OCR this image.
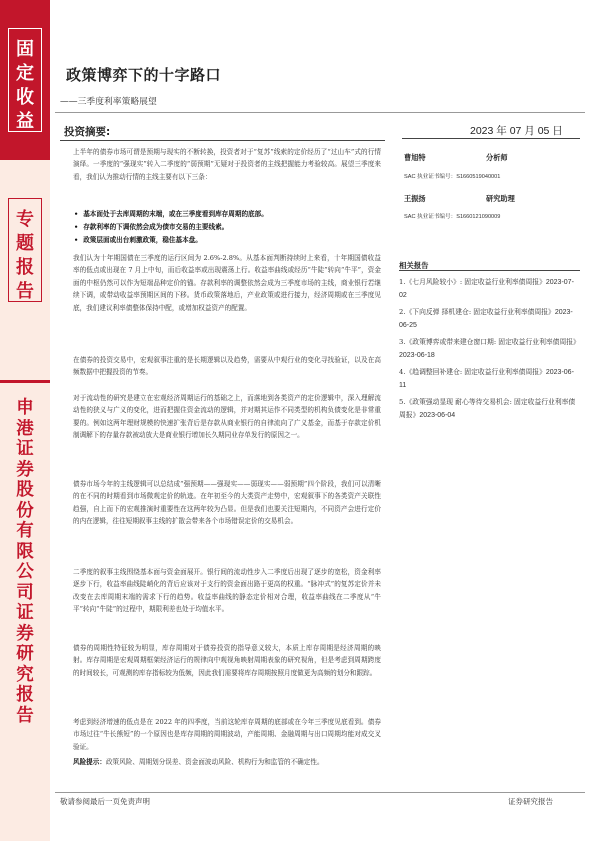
固
定
收
益
专
题
报
告
申
港
证
券
股
份
有
限
公
司
证
券
研
究
报
告
政策博弈下的十字路口
——三季度利率策略展望
投资摘要:	2023 年 07 月 05 日
上半年的债券市场可谓是预期与现实的不断转换，投资者对于“复苏”线索的定价经历了“过山车”式的行情演绎。一季度的“强现实”转入二季度的“弱预期”无疑对于投资者的主线把握能力考验较高。展望三季度来看，我们认为推动行情的主线主要有以下三条：
• 基本面处于去库周期的末端，或在三季度看到库存周期的底部。
• 存款利率的下调依然会成为债市交易的主要线索。
• 政策层面或出台刺激政策，稳住基本盘。
我们认为十年期国债在三季度的运行区间为 2.6%-2.8%。从基本面判断持续时上来看，十年期国债收益率的低点或出现在 7 月上中旬，而后收益率或出现震荡上行。收益率曲线或经历“牛陡”转向“牛平”，资金面的中枢仍然可以作为短端品种定价的锚。存款利率的调整依然会成为三季度市场的主线，商业银行若继续下调，或带动收益率预期区间的下移。货币政策落地后，产业政策或进行接力，经济周期或在三季度见底，我们建议利率债整体保持中配，或增加权益资产的配置。
在债券的投资交易中，宏观叙事注重的是长期逻辑以及趋势，需要从中观行业的变化寻找验证，以及在高频数据中把握投资的节奏。
对于流动性的研究是建立在宏观经济周期运行的基础之上，而落地到各类资产的定价逻辑中，深入理解流动性的狭义与广义的变化，进而把握住资金流动的逻辑，并对期其运作不同类型的机构负债变化是非常重要的。例如这两年理财规模的快速扩张背后是存款从商业银行的自律流向了广义基金，而基于存款定价机制调解下的存量存款被动放大是商业银行增加长久期同业存单发行的原因之一。
债券市场今年的主线逻辑可以总结成“强预期——强现实——弱现实——弱预期”四个阶段，我们可以清晰的在不同的时期看到市场微观定价的轨迹。在年初至今的大类资产走势中，宏观叙事下的各类资产关联性趋强，自上而下的宏观推演时重要性在这两年较为凸显。但是我们也要关注短期内，不同资产会进行定价的内在逻辑，往往短期叙事主线的扩散会带来各个市场错误定价的交易机会。
二季度的叙事主线围绕基本面与资金面展开。银行间的流动性步入二季度后出现了逐步的宽松，资金利率逐步下行，收益率曲线陡峭化的背后应该对于支行的资金面出路于更高的权重。“脉冲式”的复苏定价并未改变在去库周期末端的需求下行的趋势。收益率曲线的静态定价相对合理，收益率曲线在二季度从“牛平”转向“牛陡”的过程中，期限利差也处于均值水平。
债券的周期性特征较为明显，库存周期对于债券投资的指导意义较大，本质上库存周期是经济周期的映射。库存周期是宏观周期框架经济运行的规律向中观视角映射周期表象的研究视角，但是考虑到周期跨度的时间较长，可观测的库存指标较为低频，因此我们需要将库存周期按照月度做更为高频的划分和跟踪。
考虑到经济增速的低点是在 2022 年的四季度，当前这轮库存周期的底部或在今年三季度见底看到。债券市场过往“牛长熊短”的一个原因也是库存周期的周期波动，产能周期、金融周期与出口周期均能对成交叉验证。
风险提示：政策风险、周期划分误差、资金面波动风险、机构行为和监管的不确定性。
曹旭特	分析师
SAC 执业证书编号：S1660519040001
王振扬	研究助理
SAC 执业证书编号：S1660121090009
相关报告
1.《七月风险较小》: 固定收益行业利率债周报》2023-07-02
2.《下向反弹 择机建仓: 固定收益行业利率债周报》2023-06-25
3.《政策博弈或带来建仓窗口期: 固定收益行业利率债周报》2023-06-18
4.《趋调整回补建仓: 固定收益行业利率债周报》2023-06-11
5.《政策强动显现 耐心等待交易机会: 固定收益行业利率债周报》2023-06-04
敬请参阅最后一页免责声明	证券研究报告
